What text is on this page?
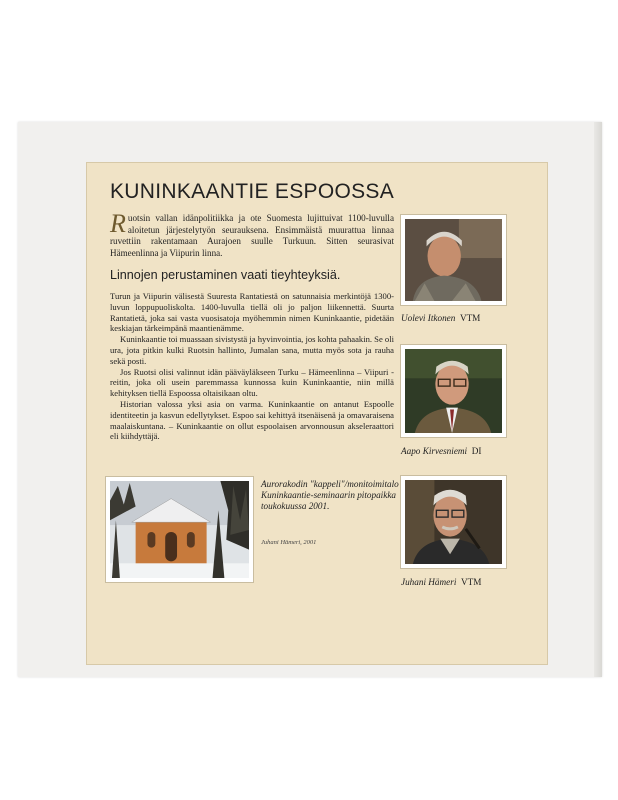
KUNINKAANTIE ESPOOSSA

Ruotsin vallan idänpolitiikka ja ote Suomesta lujittuivat 1100-luvulla aloitetun järjestelytyön seurauksena. Ensimmäistä muurattua linnaa ruvettiin rakentamaan Aurajoen suulle Turkuun. Sitten seurasivat Hämeenlinna ja Viipurin linna.

Linnojen perustaminen vaati tieyhteyksiä.

Turun ja Viipurin välisestä Suuresta Rantatiestä on satunnaisia merkintöjä 1300-luvun loppupuoliskolta. 1400-luvulla tiellä oli jo paljon liikennettä. Suurta Rantatietä, joka sai vasta vuosisatoja myöhemmin nimen Kuninkaantie, pidetään keskiajan tärkeimpänä maantienämme.

Kuninkaantie toi muassaan sivistystä ja hyvinvointia, jos kohta pahaakin. Se oli ura, jota pitkin kulki Ruotsin hallinto, Jumalan sana, mutta myös sota ja rauha sekä posti.

Jos Ruotsi olisi valinnut idän pääväyläkseen Turku – Hämeenlinna – Viipuri -reitin, joka oli usein paremmassa kunnossa kuin Kuninkaantie, niin millä kehityksen tiellä Espoossa oltaisikaan oltu.

Historian valossa yksi asia on varma. Kuninkaantie on antanut Espoolle identiteetin ja kasvun edellytykset. Espoo sai kehittyä itsenäisenä ja omavaraisena maalaiskuntana. – Kuninkaantie on ollut espoolaisen arvonnousun akseleraattori eli kiihdyttäjä.

Aurorakodin "kappeli"/monitoimitalo Kuninkaantie-seminaarin pitopaikka toukokuussa 2001.

Juhani Hämeri, 2001
Uolevi Itkonen VTM
Aapo Kirvesniemi DI
Juhani Hämeri VTM
